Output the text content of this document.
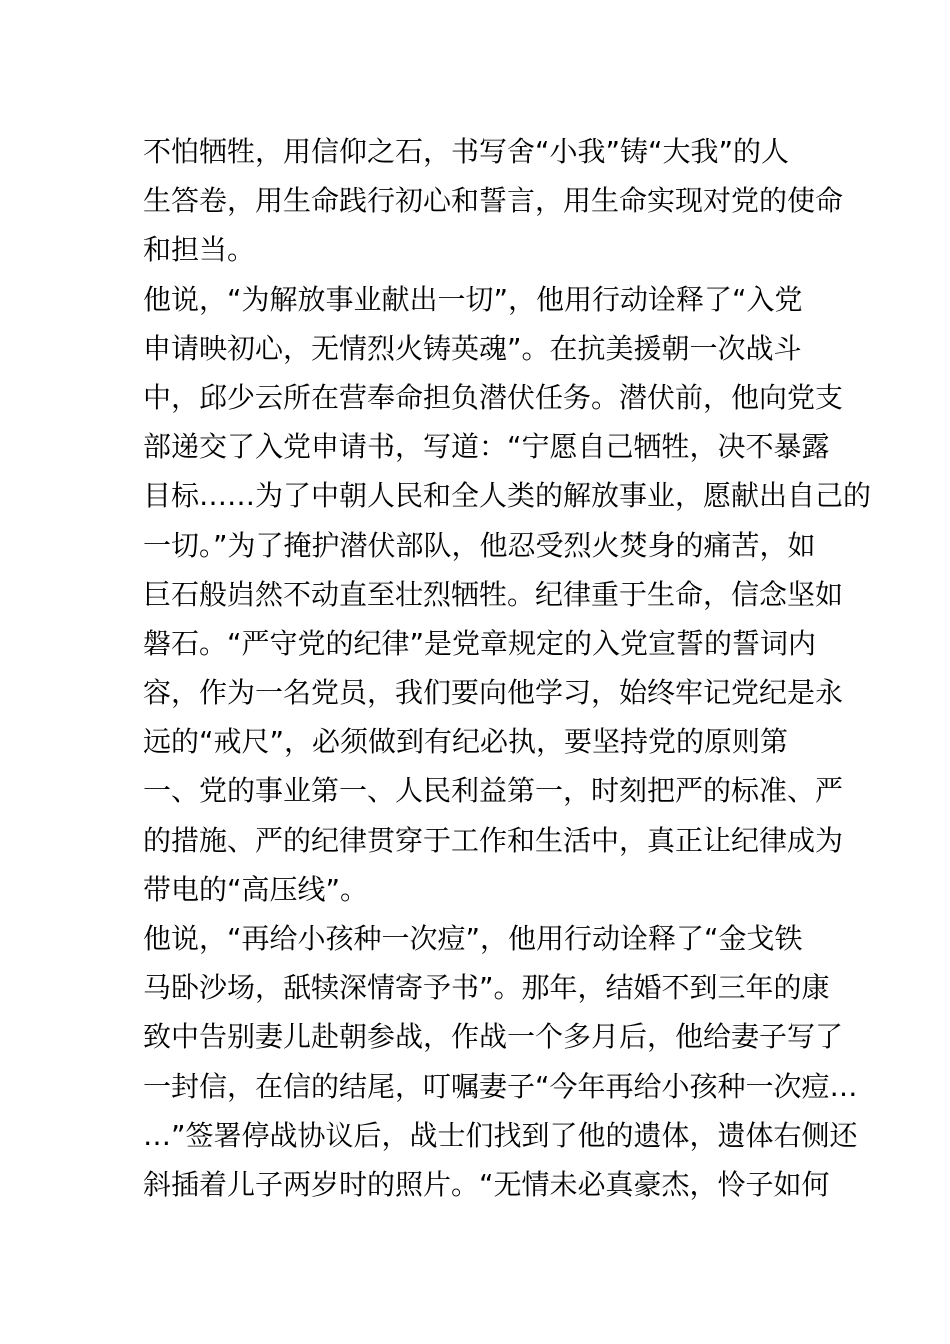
不怕牺牲，用信仰之石，书写舍“小我”铸“大我”的人
生答卷，用生命践行初心和誓言，用生命实现对党的使命
和担当。
他说，“为解放事业献出一切”，他用行动诠释了“入党
申请映初心，无情烈火铸英魂”。在抗美援朝一次战斗
中，邱少云所在营奉命担负潜伏任务。潜伏前，他向党支
部递交了入党申请书，写道：“宁愿自己牺牲，决不暴露
目标……为了中朝人民和全人类的解放事业，愿献出自己的
一切。”为了掩护潜伏部队，他忍受烈火焚身的痛苦，如
巨石般岿然不动直至壮烈牺牲。纪律重于生命，信念坚如
磐石。“严守党的纪律”是党章规定的入党宣誓的誓词内
容，作为一名党员，我们要向他学习，始终牢记党纪是永
远的“戒尺”，必须做到有纪必执，要坚持党的原则第
一、党的事业第一、人民利益第一，时刻把严的标准、严
的措施、严的纪律贯穿于工作和生活中，真正让纪律成为
带电的“高压线”。
他说，“再给小孩种一次痘”，他用行动诠释了“金戈铁
马卧沙场，舐犊深情寄予书”。那年，结婚不到三年的康
致中告别妻儿赴朝参战，作战一个多月后，他给妻子写了
一封信，在信的结尾，叮嘱妻子“今年再给小孩种一次痘…
…”签署停战协议后，战士们找到了他的遗体，遗体右侧还
斜插着儿子两岁时的照片。“无情未必真豪杰，怜子如何
